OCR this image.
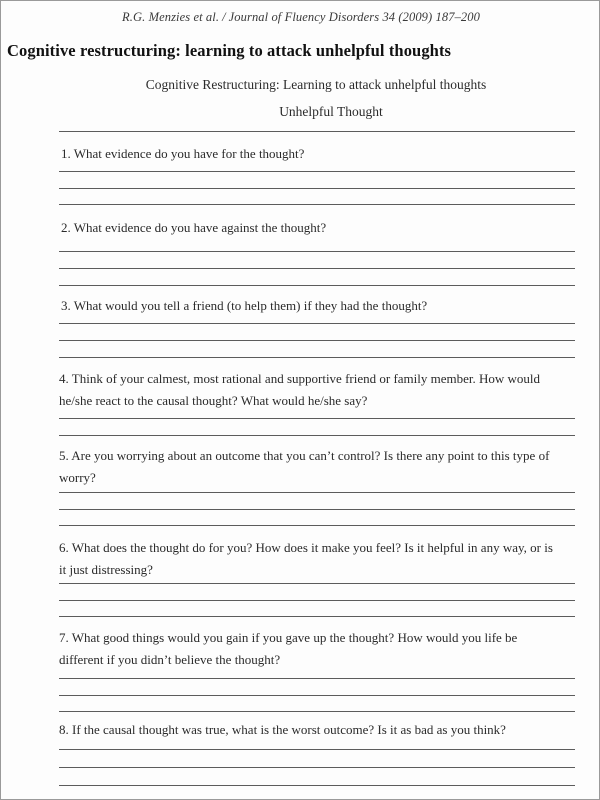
R.G. Menzies et al. / Journal of Fluency Disorders 34 (2009) 187–200
Cognitive restructuring: learning to attack unhelpful thoughts
Cognitive Restructuring: Learning to attack unhelpful thoughts
Unhelpful Thought
1. What evidence do you have for the thought?
2. What evidence do you have against the thought?
3. What would you tell a friend (to help them) if they had the thought?
4. Think of your calmest, most rational and supportive friend or family member. How would he/she react to the causal thought? What would he/she say?
5. Are you worrying about an outcome that you can’t control? Is there any point to this type of worry?
6. What does the thought do for you? How does it make you feel? Is it helpful in any way, or is it just distressing?
7. What good things would you gain if you gave up the thought? How would you life be different if you didn’t believe the thought?
8. If the causal thought was true, what is the worst outcome? Is it as bad as you think?
